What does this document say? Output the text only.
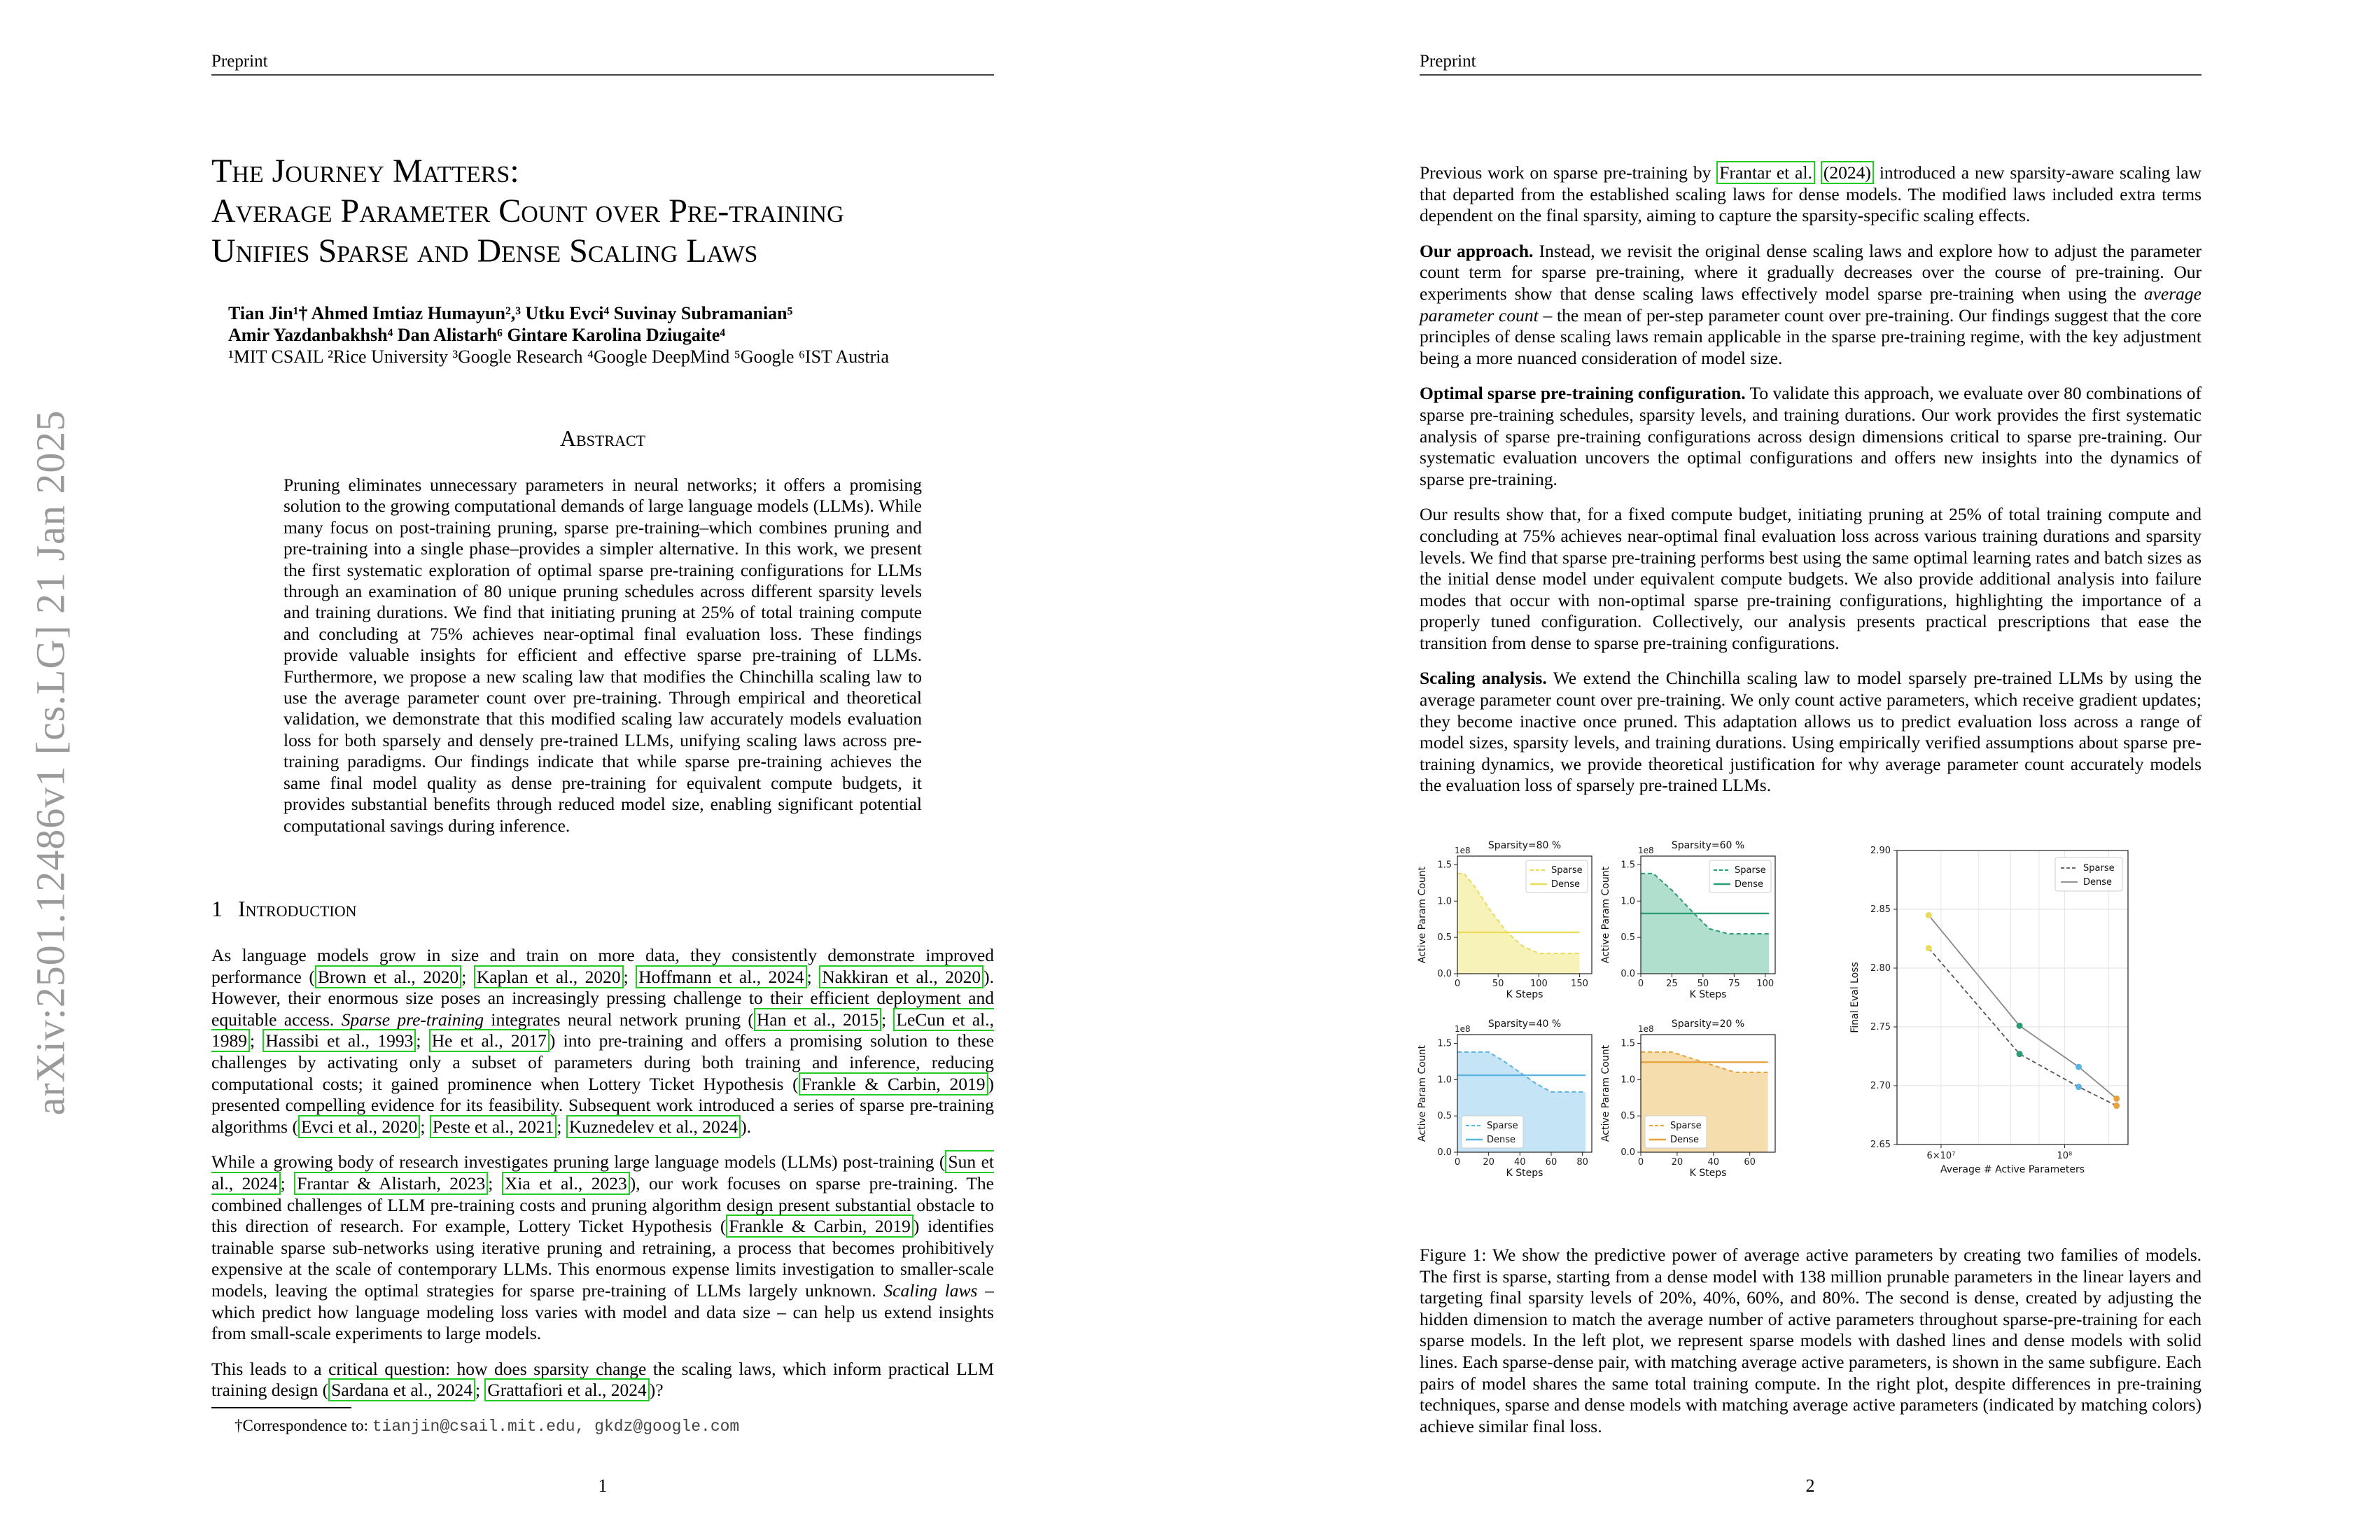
Preprint
arXiv:2501.12486v1 [cs.LG] 21 Jan 2025
The Journey Matters:
Average Parameter Count over Pre-training
Unifies Sparse and Dense Scaling Laws
Tian Jin¹† Ahmed Imtiaz Humayun²,³ Utku Evci⁴ Suvinay Subramanian⁵
Amir Yazdanbakhsh⁴ Dan Alistarh⁶ Gintare Karolina Dziugaite⁴
¹MIT CSAIL ²Rice University ³Google Research ⁴Google DeepMind ⁵Google ⁶IST Austria
Abstract
Pruning eliminates unnecessary parameters in neural networks; it offers a promising solution to the growing computational demands of large language models (LLMs). While many focus on post-training pruning, sparse pre-training–which combines pruning and pre-training into a single phase–provides a simpler alternative. In this work, we present the first systematic exploration of optimal sparse pre-training configurations for LLMs through an examination of 80 unique pruning schedules across different sparsity levels and training durations. We find that initiating pruning at 25% of total training compute and concluding at 75% achieves near-optimal final evaluation loss. These findings provide valuable insights for efficient and effective sparse pre-training of LLMs. Furthermore, we propose a new scaling law that modifies the Chinchilla scaling law to use the average parameter count over pre-training. Through empirical and theoretical validation, we demonstrate that this modified scaling law accurately models evaluation loss for both sparsely and densely pre-trained LLMs, unifying scaling laws across pre-training paradigms. Our findings indicate that while sparse pre-training achieves the same final model quality as dense pre-training for equivalent compute budgets, it provides substantial benefits through reduced model size, enabling significant potential computational savings during inference.
1 Introduction

As language models grow in size and train on more data, they consistently demonstrate improved performance ( Brown et al., 2020 ; Kaplan et al., 2020 ; Hoffmann et al., 2024 ; Nakkiran et al., 2020 ). However, their enormous size poses an increasingly pressing challenge to their efficient deployment and equitable access. Sparse pre-training integrates neural network pruning ( Han et al., 2015 ; LeCun et al., 1989 ; Hassibi et al., 1993 ; He et al., 2017 ) into pre-training and offers a promising solution to these challenges by activating only a subset of parameters during both training and inference, reducing computational costs; it gained prominence when Lottery Ticket Hypothesis ( Frankle & Carbin, 2019 ) presented compelling evidence for its feasibility. Subsequent work introduced a series of sparse pre-training algorithms ( Evci et al., 2020 ; Peste et al., 2021 ; Kuznedelev et al., 2024 ).

While a growing body of research investigates pruning large language models (LLMs) post-training ( Sun et al., 2024 ; Frantar & Alistarh, 2023 ; Xia et al., 2023 ), our work focuses on sparse pre-training. The combined challenges of LLM pre-training costs and pruning algorithm design present substantial obstacle to this direction of research. For example, Lottery Ticket Hypothesis ( Frankle & Carbin, 2019 ) identifies trainable sparse sub-networks using iterative pruning and retraining, a process that becomes prohibitively expensive at the scale of contemporary LLMs. This enormous expense limits investigation to smaller-scale models, leaving the optimal strategies for sparse pre-training of LLMs largely unknown. Scaling laws – which predict how language modeling loss varies with model and data size – can help us extend insights from small-scale experiments to large models.

This leads to a critical question: how does sparsity change the scaling laws, which inform practical LLM training design ( Sardana et al., 2024 ; Grattafiori et al., 2024 )?

†Correspondence to: tianjin@csail.mit.edu, gkdz@google.com
1
Preprint

Previous work on sparse pre-training by Frantar et al. (2024) introduced a new sparsity-aware scaling law that departed from the established scaling laws for dense models. The modified laws included extra terms dependent on the final sparsity, aiming to capture the sparsity-specific scaling effects.

Our approach. Instead, we revisit the original dense scaling laws and explore how to adjust the parameter count term for sparse pre-training, where it gradually decreases over the course of pre-training. Our experiments show that dense scaling laws effectively model sparse pre-training when using the average parameter count – the mean of per-step parameter count over pre-training. Our findings suggest that the core principles of dense scaling laws remain applicable in the sparse pre-training regime, with the key adjustment being a more nuanced consideration of model size.

Optimal sparse pre-training configuration. To validate this approach, we evaluate over 80 combinations of sparse pre-training schedules, sparsity levels, and training durations. Our work provides the first systematic analysis of sparse pre-training configurations across design dimensions critical to sparse pre-training. Our systematic evaluation uncovers the optimal configurations and offers new insights into the dynamics of sparse pre-training.

Our results show that, for a fixed compute budget, initiating pruning at 25% of total training compute and concluding at 75% achieves near-optimal final evaluation loss across various training durations and sparsity levels. We find that sparse pre-training performs best using the same optimal learning rates and batch sizes as the initial dense model under equivalent compute budgets. We also provide additional analysis into failure modes that occur with non-optimal sparse pre-training configurations, highlighting the importance of a properly tuned configuration. Collectively, our analysis presents practical prescriptions that ease the transition from dense to sparse pre-training configurations.

Scaling analysis. We extend the Chinchilla scaling law to model sparsely pre-trained LLMs by using the average parameter count over pre-training. We only count active parameters, which receive gradient updates; they become inactive once pruned. This adaptation allows us to predict evaluation loss across a range of model sizes, sparsity levels, and training durations. Using empirically verified assumptions about sparse pre-training dynamics, we provide theoretical justification for why average parameter count accurately models the evaluation loss of sparsely pre-trained LLMs.

Figure 1: We show the predictive power of average active parameters by creating two families of models. The first is sparse, starting from a dense model with 138 million prunable parameters in the linear layers and targeting final sparsity levels of 20%, 40%, 60%, and 80%. The second is dense, created by adjusting the hidden dimension to match the average number of active parameters throughout sparse-pre-training for each sparse models. In the left plot, we represent sparse models with dashed lines and dense models with solid lines. Each sparse-dense pair, with matching average active parameters, is shown in the same subfigure. Each pairs of model shares the same total training compute. In the right plot, despite differences in pre-training techniques, sparse and dense models with matching average active parameters (indicated by matching colors) achieve similar final loss.
2
0	50	100	150
0.0
0.5
1.0
1.5
Sparsity=80 %
1e8
K Steps
Active Param Count	Sparse
Dense
0 25 50 75 100
0.0
0.5
1.0
1.5
Sparsity=60 %
1e8
K Steps
Active Param Count	Sparse
Dense
0 20 40 60 80
0.0
0.5
1.0
1.5
Sparsity=40 %
1e8
K Steps
Active Param Count	Sparse
Dense
0	20	40	60
0.0
0.5
1.0
1.5
Sparsity=20 %
1e8
K Steps
Active Param Count	Sparse
Dense	2.65
2.70
2.75
2.80
2.85
2.90
6×10⁷	10⁸
Average # Active Parameters
Final Eval Loss
Sparse
Dense
